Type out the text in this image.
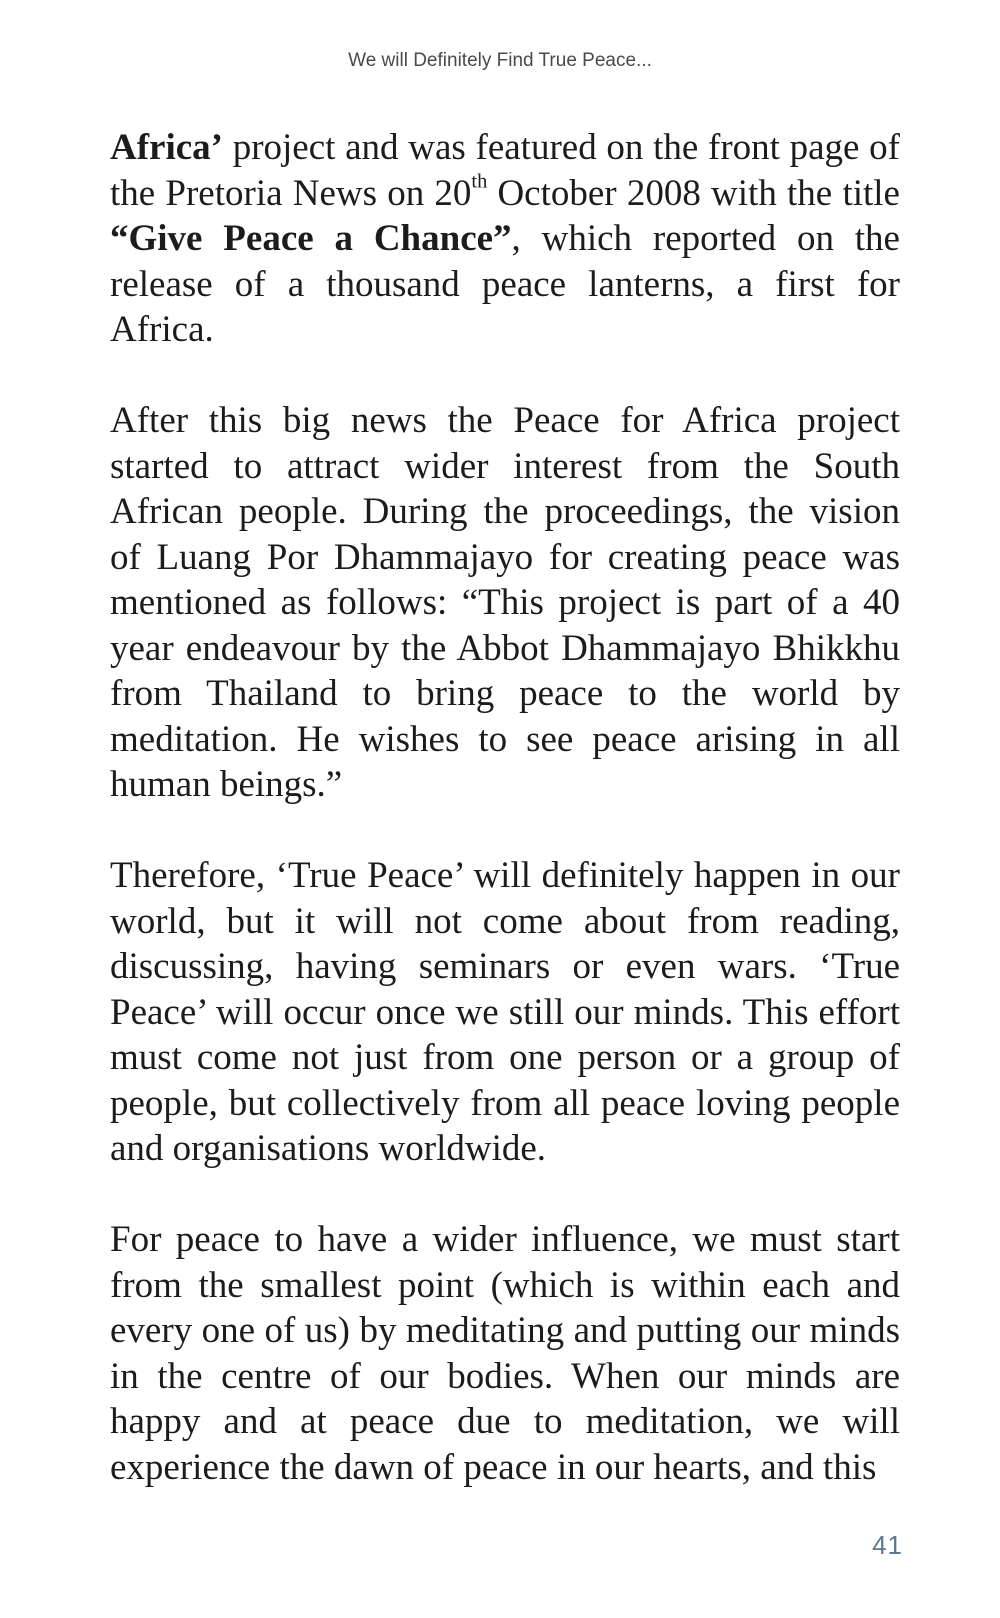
We will Definitely Find True Peace...

Africa’ project and was featured on the front page of the Pretoria News on 20th October 2008 with the title “Give Peace a Chance”, which reported on the release of a thousand peace lanterns, a first for Africa.

After this big news the Peace for Africa project started to attract wider interest from the South African people. During the proceedings, the vision of Luang Por Dhammajayo for creating peace was mentioned as follows: “This project is part of a 40 year endeavour by the Abbot Dhammajayo Bhikkhu from Thailand to bring peace to the world by meditation. He wishes to see peace arising in all human beings.”

Therefore, ‘True Peace’ will definitely happen in our world, but it will not come about from reading, discussing, having seminars or even wars. ‘True Peace’ will occur once we still our minds. This effort must come not just from one person or a group of people, but collectively from all peace loving people and organisations worldwide.

For peace to have a wider influence, we must start from the smallest point (which is within each and every one of us) by meditating and putting our minds in the centre of our bodies. When our minds are happy and at peace due to meditation, we will experience the dawn of peace in our hearts, and this

41
